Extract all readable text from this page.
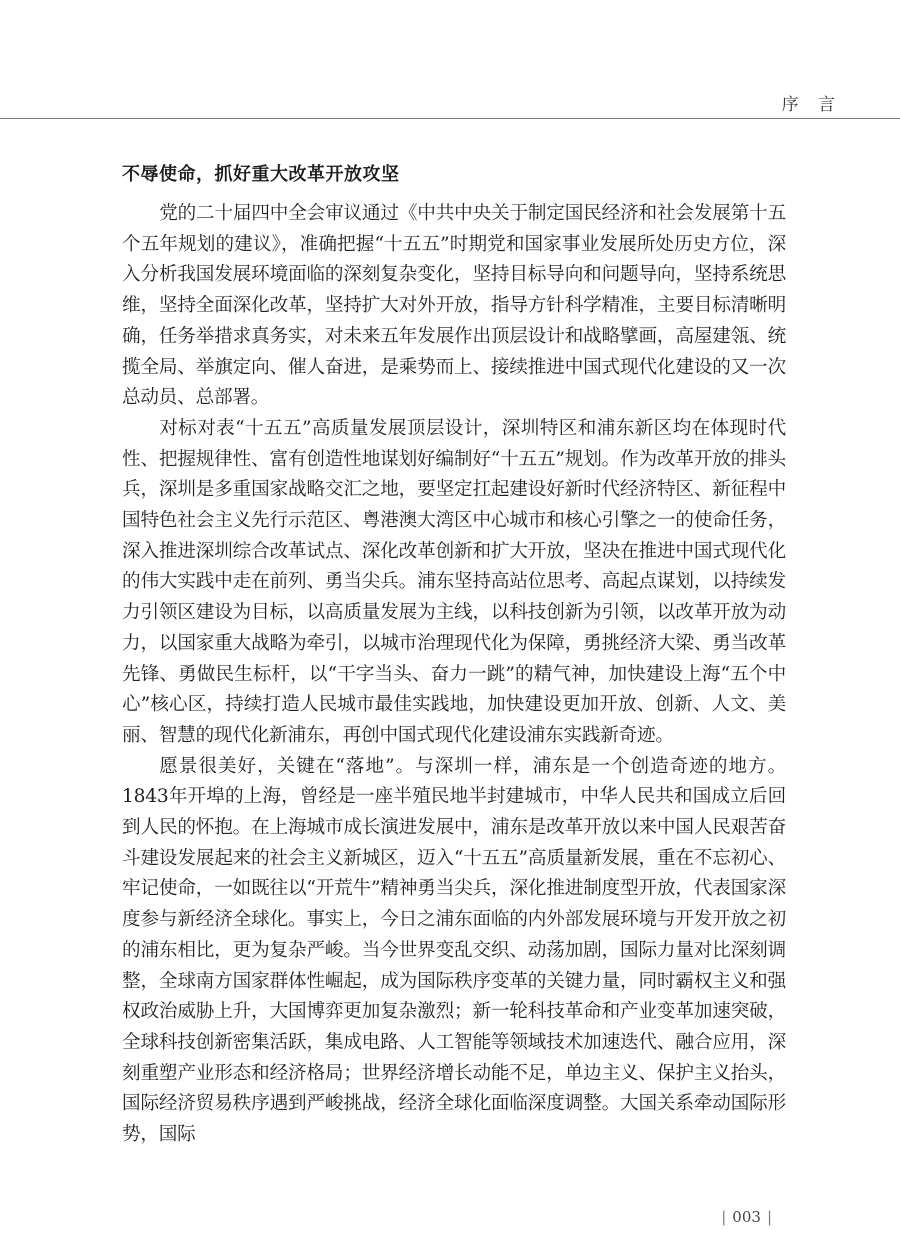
序 言
不辱使命，抓好重大改革开放攻坚

党的二十届四中全会审议通过《中共中央关于制定国民经济和社会发展第十五个五年规划的建议》，准确把握“十五五”时期党和国家事业发展所处历史方位，深入分析我国发展环境面临的深刻复杂变化，坚持目标导向和问题导向，坚持系统思维，坚持全面深化改革，坚持扩大对外开放，指导方针科学精准，主要目标清晰明确，任务举措求真务实，对未来五年发展作出顶层设计和战略擘画，高屋建瓴、统揽全局、举旗定向、催人奋进，是乘势而上、接续推进中国式现代化建设的又一次总动员、总部署。

对标对表“十五五”高质量发展顶层设计，深圳特区和浦东新区均在体现时代性、把握规律性、富有创造性地谋划好编制好“十五五”规划。作为改革开放的排头兵，深圳是多重国家战略交汇之地，要坚定扛起建设好新时代经济特区、新征程中国特色社会主义先行示范区、粤港澳大湾区中心城市和核心引擎之一的使命任务，深入推进深圳综合改革试点、深化改革创新和扩大开放，坚决在推进中国式现代化的伟大实践中走在前列、勇当尖兵。浦东坚持高站位思考、高起点谋划，以持续发力引领区建设为目标，以高质量发展为主线，以科技创新为引领，以改革开放为动力，以国家重大战略为牵引，以城市治理现代化为保障，勇挑经济大梁、勇当改革先锋、勇做民生标杆，以“干字当头、奋力一跳”的精气神，加快建设上海“五个中心”核心区，持续打造人民城市最佳实践地，加快建设更加开放、创新、人文、美丽、智慧的现代化新浦东，再创中国式现代化建设浦东实践新奇迹。

愿景很美好，关键在“落地”。与深圳一样，浦东是一个创造奇迹的地方。1843年开埠的上海，曾经是一座半殖民地半封建城市，中华人民共和国成立后回到人民的怀抱。在上海城市成长演进发展中，浦东是改革开放以来中国人民艰苦奋斗建设发展起来的社会主义新城区，迈入“十五五”高质量新发展，重在不忘初心、牢记使命，一如既往以“开荒牛”精神勇当尖兵，深化推进制度型开放，代表国家深度参与新经济全球化。事实上，今日之浦东面临的内外部发展环境与开发开放之初的浦东相比，更为复杂严峻。当今世界变乱交织、动荡加剧，国际力量对比深刻调整，全球南方国家群体性崛起，成为国际秩序变革的关键力量，同时霸权主义和强权政治威胁上升，大国博弈更加复杂激烈；新一轮科技革命和产业变革加速突破，全球科技创新密集活跃，集成电路、人工智能等领域技术加速迭代、融合应用，深刻重塑产业形态和经济格局；世界经济增长动能不足，单边主义、保护主义抬头，国际经济贸易秩序遇到严峻挑战，经济全球化面临深度调整。大国关系牵动国际形势，国际

| 003 |
